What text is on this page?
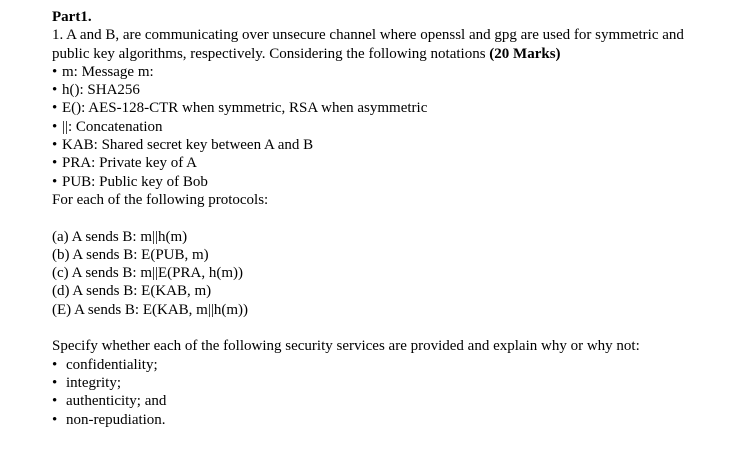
Part1.

1. A and B, are communicating over unsecure channel where openssl and gpg are used for symmetric and public key algorithms, respectively. Considering the following notations (20 Marks)

• m: Message m:
• h(): SHA256
• E(): AES-128-CTR when symmetric, RSA when asymmetric
• ||: Concatenation
• KAB: Shared secret key between A and B
• PRA: Private key of A
• PUB: Public key of Bob

For each of the following protocols:

(a) A sends B: m||h(m)
(b) A sends B: E(PUB, m)
(c) A sends B: m||E(PRA, h(m))
(d) A sends B: E(KAB, m)
(E) A sends B: E(KAB, m||h(m))

Specify whether each of the following security services are provided and explain why or why not:

• confidentiality;
• integrity;
• authenticity; and
• non-repudiation.
